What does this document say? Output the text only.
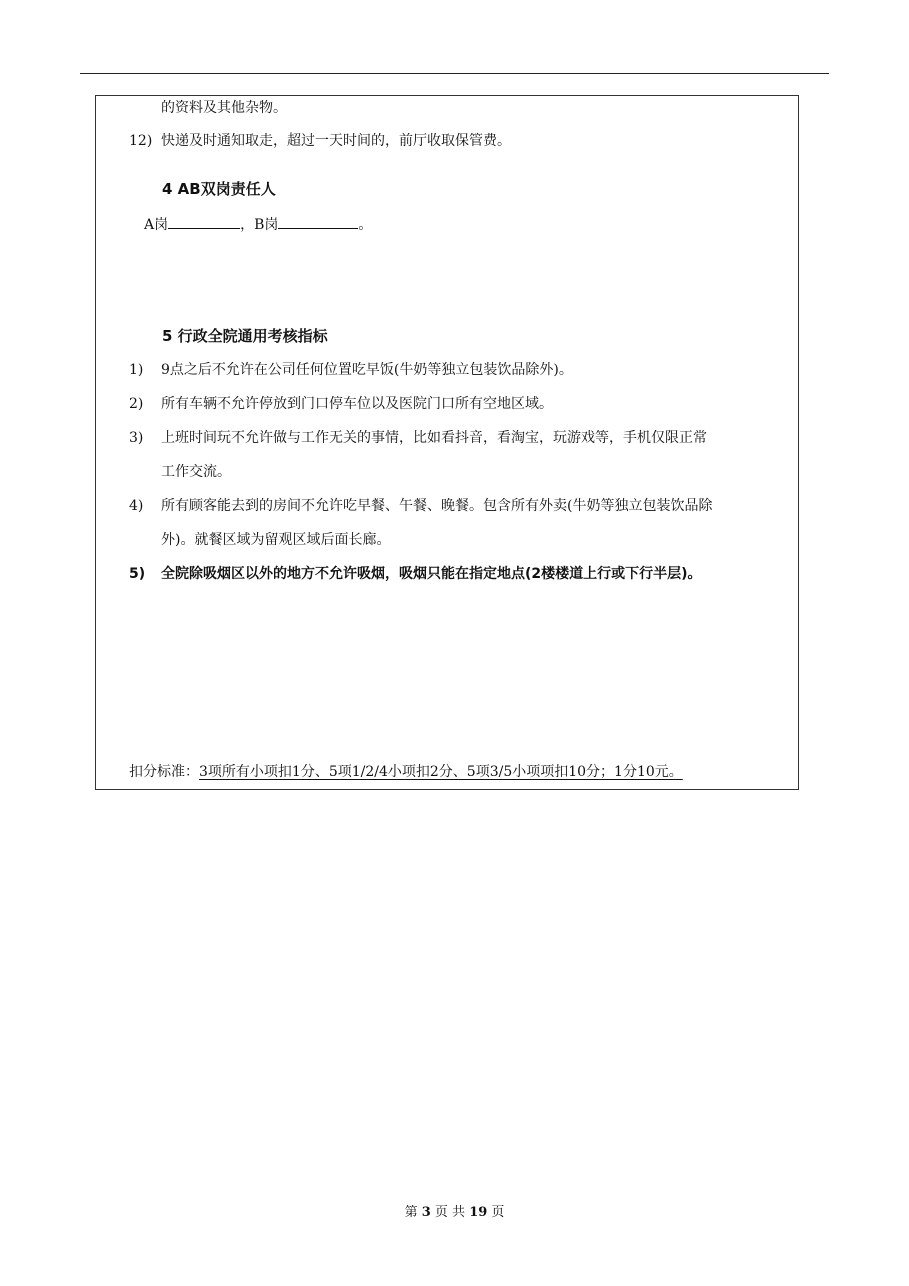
的资料及其他杂物。
12) 快递及时通知取走，超过一天时间的，前厅收取保管费。
4 AB双岗责任人
A岗	，B岗	。
5 行政全院通用考核指标
1) 9点之后不允许在公司任何位置吃早饭(牛奶等独立包装饮品除外)。
2) 所有车辆不允许停放到门口停车位以及医院门口所有空地区域。
3) 上班时间玩不允许做与工作无关的事情，比如看抖音，看淘宝，玩游戏等，手机仅限正常
工作交流。
4) 所有顾客能去到的房间不允许吃早餐、午餐、晚餐。包含所有外卖(牛奶等独立包装饮品除
外)。就餐区域为留观区域后面长廊。
5) 全院除吸烟区以外的地方不允许吸烟，吸烟只能在指定地点(2楼楼道上行或下行半层)。
扣分标准：3项所有小项扣1分、5项1/2/4小项扣2分、5项3/5小项项扣10分；1分10元。
第 3 页 共 19 页
